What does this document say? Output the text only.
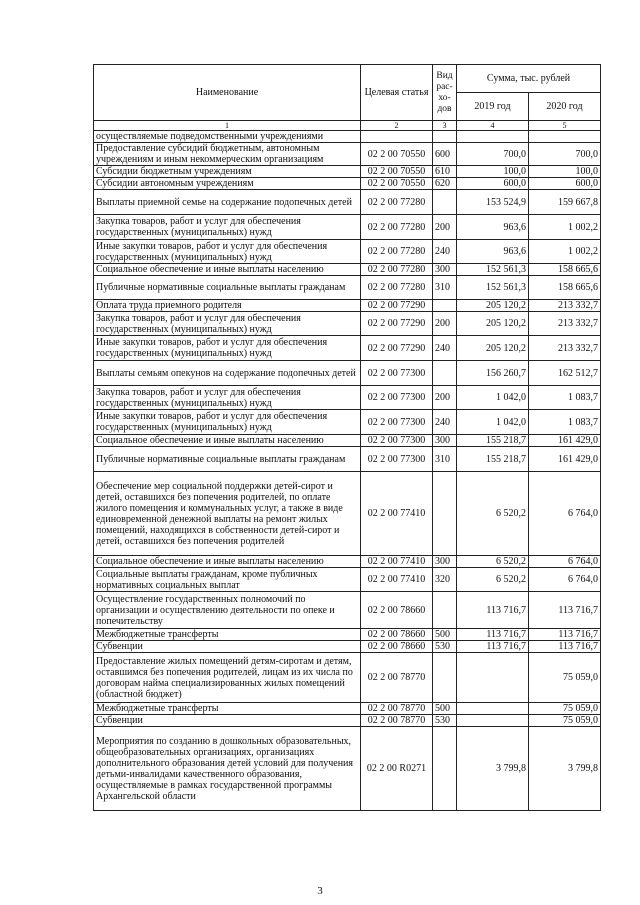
Наименование	Целевая статья	Вид рас- хо- дов	Сумма, тыс. рублей	
			2019 год	2020 год
1	2	3	4	5
осуществляемые подведомственными учреждениями				
Предоставление субсидий бюджетным, автономным учреждениям и иным некоммерческим организациям	02 2 00 70550	600	700,0	700,0
Субсидии бюджетным учреждениям	02 2 00 70550	610	100,0	100,0
Субсидии автономным учреждениям	02 2 00 70550	620	600,0	600,0
Выплаты приемной семье на содержание подопечных детей	02 2 00 77280		153 524,9	159 667,8
Закупка товаров, работ и услуг для обеспечения государственных (муниципальных) нужд	02 2 00 77280	200	963,6	1 002,2
Иные закупки товаров, работ и услуг для обеспечения государственных (муниципальных) нужд	02 2 00 77280	240	963,6	1 002,2
Социальное обеспечение и иные выплаты населению	02 2 00 77280	300	152 561,3	158 665,6
Публичные нормативные социальные выплаты гражданам	02 2 00 77280	310	152 561,3	158 665,6
Оплата труда приемного родителя	02 2 00 77290		205 120,2	213 332,7
Закупка товаров, работ и услуг для обеспечения государственных (муниципальных) нужд	02 2 00 77290	200	205 120,2	213 332,7
Иные закупки товаров, работ и услуг для обеспечения государственных (муниципальных) нужд	02 2 00 77290	240	205 120,2	213 332,7
Выплаты семьям опекунов на содержание подопечных детей	02 2 00 77300		156 260,7	162 512,7
Закупка товаров, работ и услуг для обеспечения государственных (муниципальных) нужд	02 2 00 77300	200	1 042,0	1 083,7
Иные закупки товаров, работ и услуг для обеспечения государственных (муниципальных) нужд	02 2 00 77300	240	1 042,0	1 083,7
Социальное обеспечение и иные выплаты населению	02 2 00 77300	300	155 218,7	161 429,0
Публичные нормативные социальные выплаты гражданам	02 2 00 77300	310	155 218,7	161 429,0
Обеспечение мер социальной поддержки детей-сирот и детей, оставшихся без попечения родителей, по оплате жилого помещения и коммунальных услуг, а также в виде единовременной денежной выплаты на ремонт жилых помещений, находящихся в собственности детей-сирот и детей, оставшихся без попечения родителей	02 2 00 77410		6 520,2	6 764,0
Социальное обеспечение и иные выплаты населению	02 2 00 77410	300	6 520,2	6 764,0
Социальные выплаты гражданам, кроме публичных нормативных социальных выплат	02 2 00 77410	320	6 520,2	6 764,0
Осуществление государственных полномочий по организации и осуществлению деятельности по опеке и попечительству	02 2 00 78660		113 716,7	113 716,7
Межбюджетные трансферты	02 2 00 78660	500	113 716,7	113 716,7
Субвенции	02 2 00 78660	530	113 716,7	113 716,7
Предоставление жилых помещений детям-сиротам и детям, оставшимся без попечения родителей, лицам из их числа по договорам найма специализированных жилых помещений (областной бюджет)	02 2 00 78770			75 059,0
Межбюджетные трансферты	02 2 00 78770	500		75 059,0
Субвенции	02 2 00 78770	530		75 059,0
Мероприятия по созданию в дошкольных образовательных, общеобразовательных организациях, организациях дополнительного образования детей условий для получения детьми-инвалидами качественного образования, осуществляемые в рамках государственной программы Архангельской области	02 2 00 R0271		3 799,8	3 799,8
3
